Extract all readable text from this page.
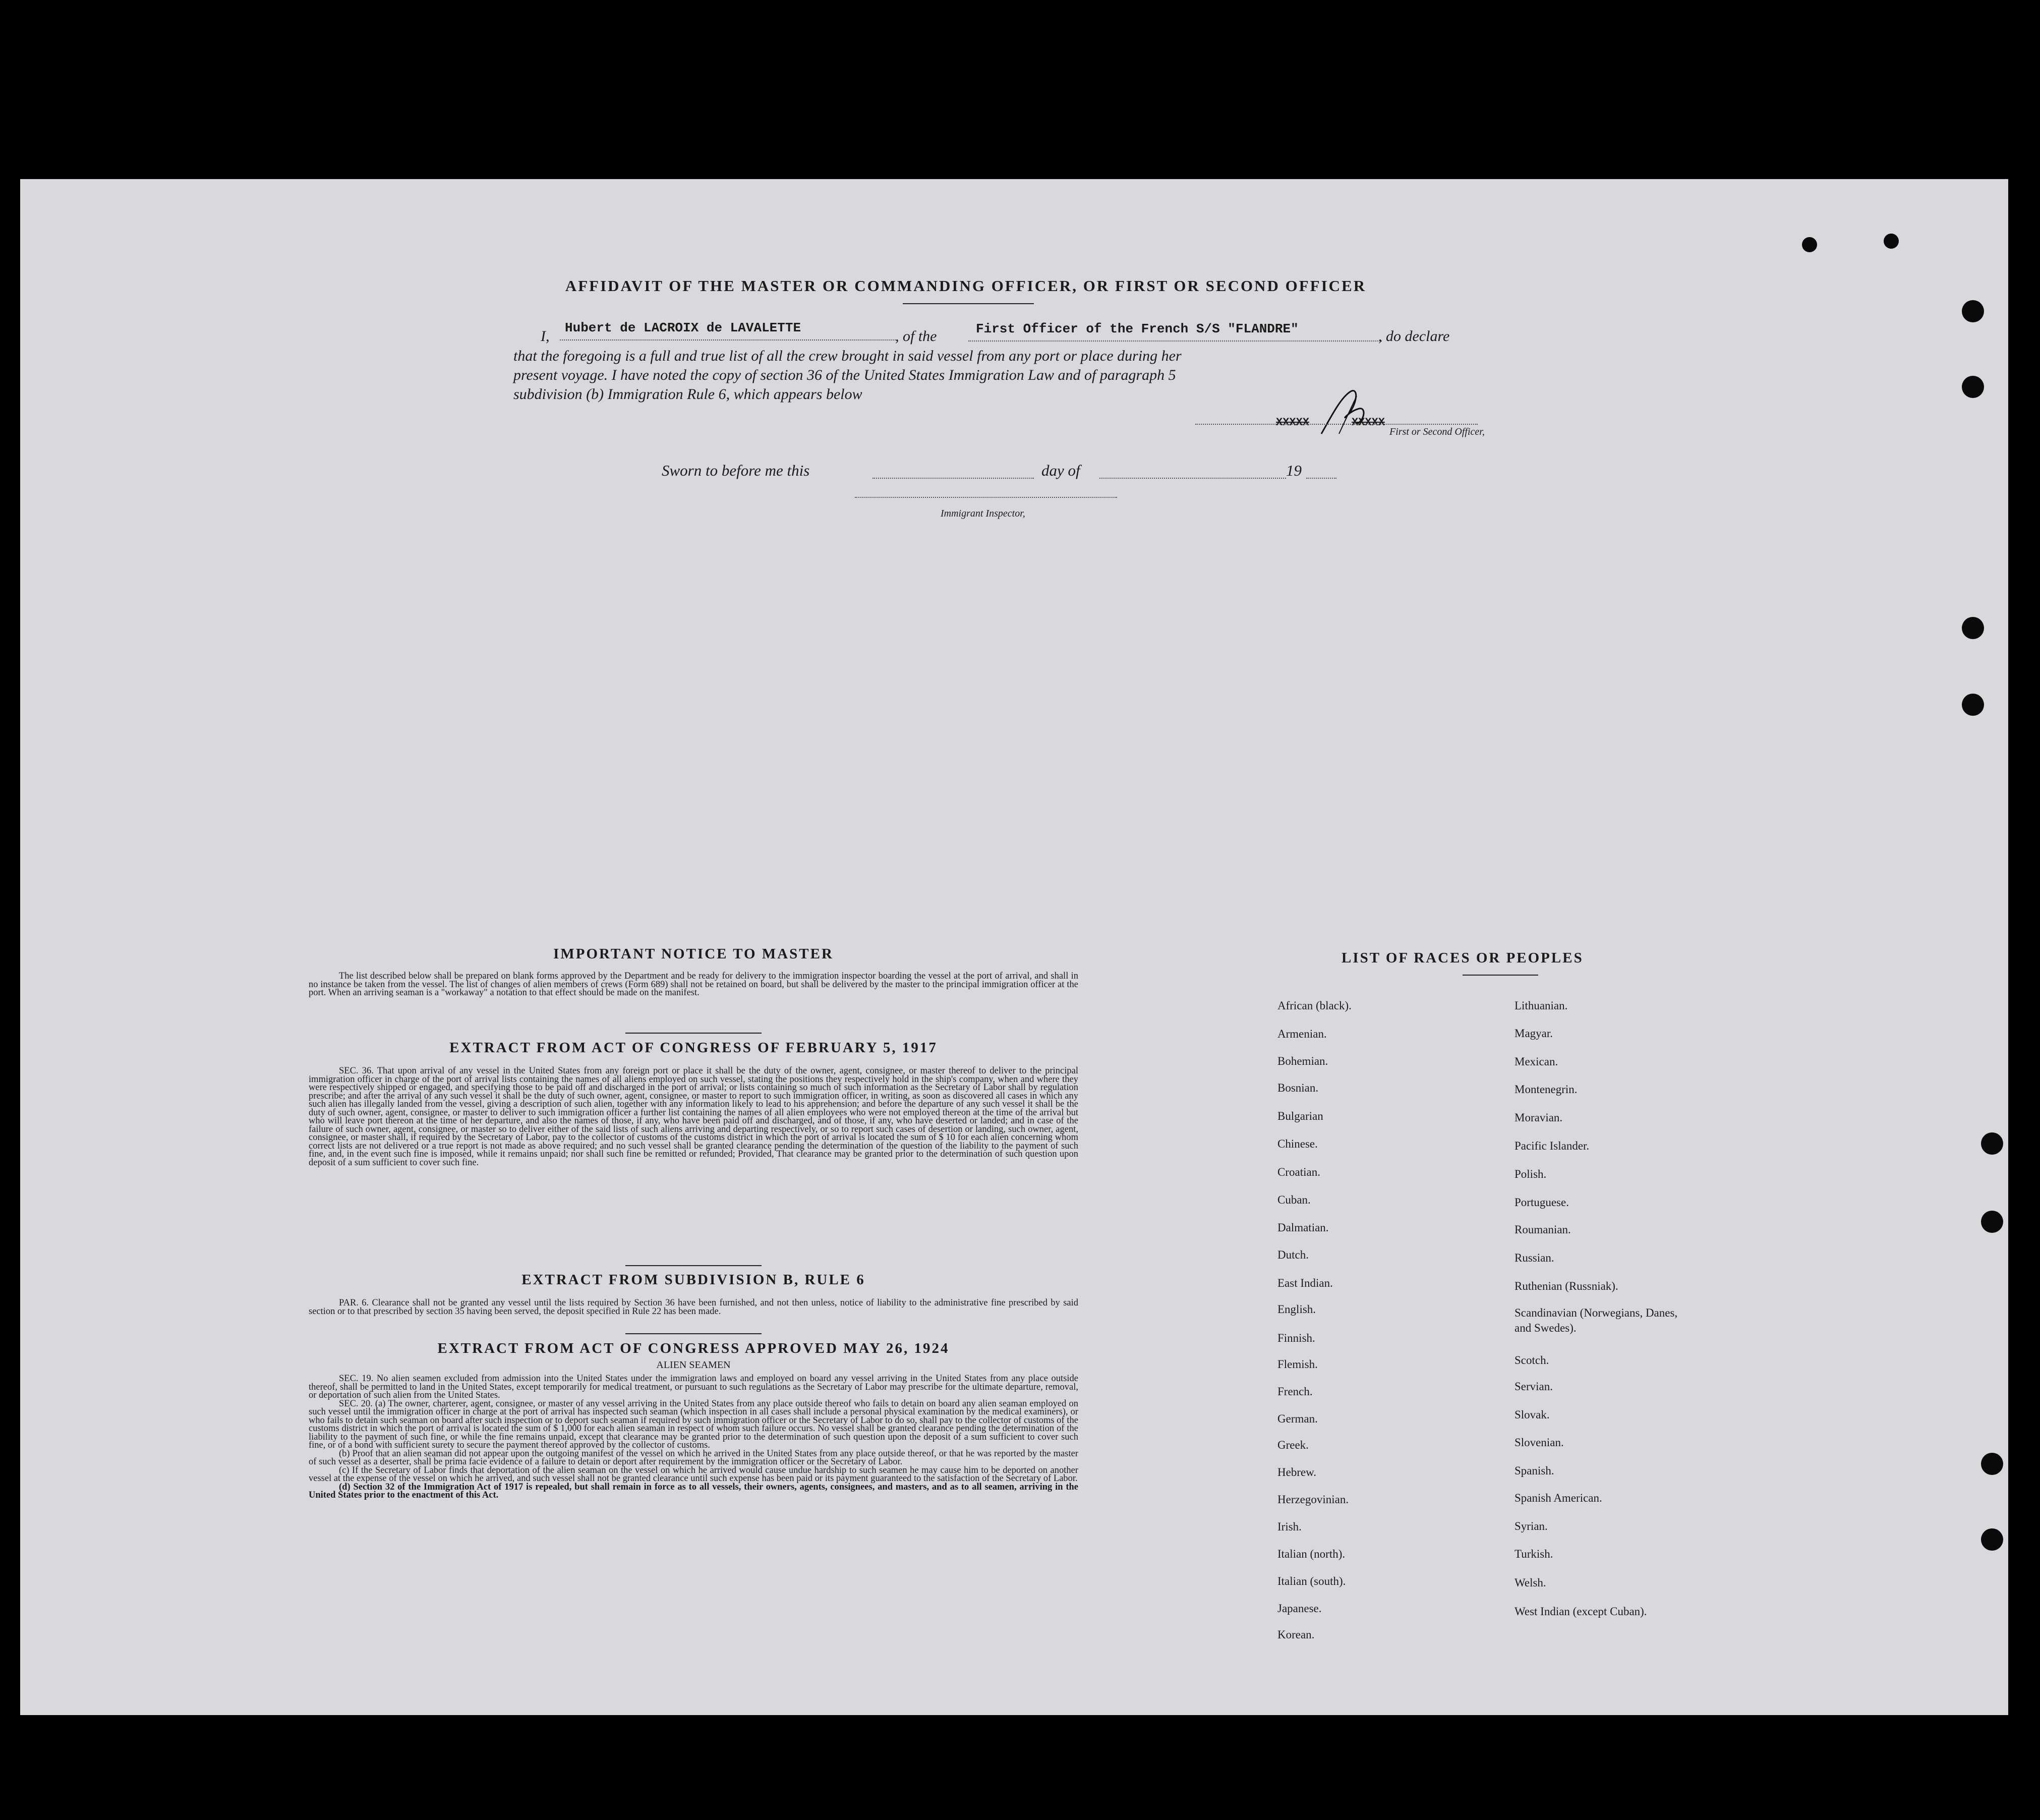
AFFIDAVIT OF THE MASTER OR COMMANDING OFFICER, OR FIRST OR SECOND OFFICER
I, Hubert de LACROIX de LAVALETTE	, of the	First Officer of the French S/S "FLANDRE"	, do declare
that the foregoing is a full and true list of all the crew brought in said vessel from any port or place during her
present voyage. I have noted the copy of section 36 of the United States Immigration Law and of paragraph 5
subdivision (b) Immigration Rule 6, which appears below
XXXXX	XXXXX
First or Second Officer,
Sworn to before me this	day of	19
Immigrant Inspector,
IMPORTANT NOTICE TO MASTER

The list described below shall be prepared on blank forms approved by the Department and be ready for delivery to the immigration inspector boarding the vessel at the port of arrival, and shall in no instance be taken from the vessel. The list of changes of alien members of crews (Form 689) shall not be retained on board, but shall be delivered by the master to the principal immigration officer at the port. When an arriving seaman is a "workaway" a notation to that effect should be made on the manifest.

EXTRACT FROM ACT OF CONGRESS OF FEBRUARY 5, 1917

SEC. 36. That upon arrival of any vessel in the United States from any foreign port or place it shall be the duty of the owner, agent, consignee, or master thereof to deliver to the principal immigration officer in charge of the port of arrival lists containing the names of all aliens employed on such vessel, stating the positions they respectively hold in the ship's company, when and where they were respectively shipped or engaged, and specifying those to be paid off and discharged in the port of arrival; or lists containing so much of such information as the Secretary of Labor shall by regulation prescribe; and after the arrival of any such vessel it shall be the duty of such owner, agent, consignee, or master to report to such immigration officer, in writing, as soon as discovered all cases in which any such alien has illegally landed from the vessel, giving a description of such alien, together with any information likely to lead to his apprehension; and before the departure of any such vessel it shall be the duty of such owner, agent, consignee, or master to deliver to such immigration officer a further list containing the names of all alien employees who were not employed thereon at the time of the arrival but who will leave port thereon at the time of her departure, and also the names of those, if any, who have been paid off and discharged, and of those, if any, who have deserted or landed; and in case of the failure of such owner, agent, consignee, or master so to deliver either of the said lists of such aliens arriving and departing respectively, or so to report such cases of desertion or landing, such owner, agent, consignee, or master shall, if required by the Secretary of Labor, pay to the collector of customs of the customs district in which the port of arrival is located the sum of $ 10 for each alien concerning whom correct lists are not delivered or a true report is not made as above required; and no such vessel shall be granted clearance pending the determination of the question of the liability to the payment of such fine, and, in the event such fine is imposed, while it remains unpaid; nor shall such fine be remitted or refunded; Provided, That clearance may be granted prior to the determination of such question upon deposit of a sum sufficient to cover such fine.

EXTRACT FROM SUBDIVISION B, RULE 6

PAR. 6. Clearance shall not be granted any vessel until the lists required by Section 36 have been furnished, and not then unless, notice of liability to the administrative fine prescribed by said section or to that prescribed by section 35 having been served, the deposit specified in Rule 22 has been made.

EXTRACT FROM ACT OF CONGRESS APPROVED MAY 26, 1924
ALIEN SEAMEN

SEC. 19. No alien seamen excluded from admission into the United States under the immigration laws and employed on board any vessel arriving in the United States from any place outside thereof, shall be permitted to land in the United States, except temporarily for medical treatment, or pursuant to such regulations as the Secretary of Labor may prescribe for the ultimate departure, removal, or deportation of such alien from the United States.

SEC. 20. (a) The owner, charterer, agent, consignee, or master of any vessel arriving in the United States from any place outside thereof who fails to detain on board any alien seaman employed on such vessel until the immigration officer in charge at the port of arrival has inspected such seaman (which inspection in all cases shall include a personal physical examination by the medical examiners), or who fails to detain such seaman on board after such inspection or to deport such seaman if required by such immigration officer or the Secretary of Labor to do so, shall pay to the collector of customs of the customs district in which the port of arrival is located the sum of $ 1,000 for each alien seaman in respect of whom such failure occurs. No vessel shall be granted clearance pending the determination of the liability to the payment of such fine, or while the fine remains unpaid, except that clearance may be granted prior to the determination of such question upon the deposit of a sum sufficient to cover such fine, or of a bond with sufficient surety to secure the payment thereof approved by the collector of customs.

(b) Proof that an alien seaman did not appear upon the outgoing manifest of the vessel on which he arrived in the United States from any place outside thereof, or that he was reported by the master of such vessel as a deserter, shall be prima facie evidence of a failure to detain or deport after requirement by the immigration officer or the Secretary of Labor.

(c) If the Secretary of Labor finds that deportation of the alien seaman on the vessel on which he arrived would cause undue hardship to such seamen he may cause him to be deported on another vessel at the expense of the vessel on which he arrived, and such vessel shall not be granted clearance until such expense has been paid or its payment guaranteed to the satisfaction of the Secretary of Labor.

(d) Section 32 of the Immigration Act of 1917 is repealed, but shall remain in force as to all vessels, their owners, agents, consignees, and masters, and as to all seamen, arriving in the United States prior to the enactment of this Act.

LIST OF RACES OR PEOPLES
African (black).
Armenian.
Bohemian.
Bosnian.
Bulgarian
Chinese.
Croatian.
Cuban.
Dalmatian.
Dutch.
East Indian.
English.
Finnish.
Flemish.
French.
German.
Greek.
Hebrew.
Herzegovinian.
Irish.
Italian (north).
Italian (south).
Japanese.
Korean.
Lithuanian.
Magyar.
Mexican.
Montenegrin.
Moravian.
Pacific Islander.
Polish.
Portuguese.
Roumanian.
Russian.
Ruthenian (Russniak).
Scandinavian (Norwegians, Danes, and Swedes).
Scotch.
Servian.
Slovak.
Slovenian.
Spanish.
Spanish American.
Syrian.
Turkish.
Welsh.
West Indian (except Cuban).
